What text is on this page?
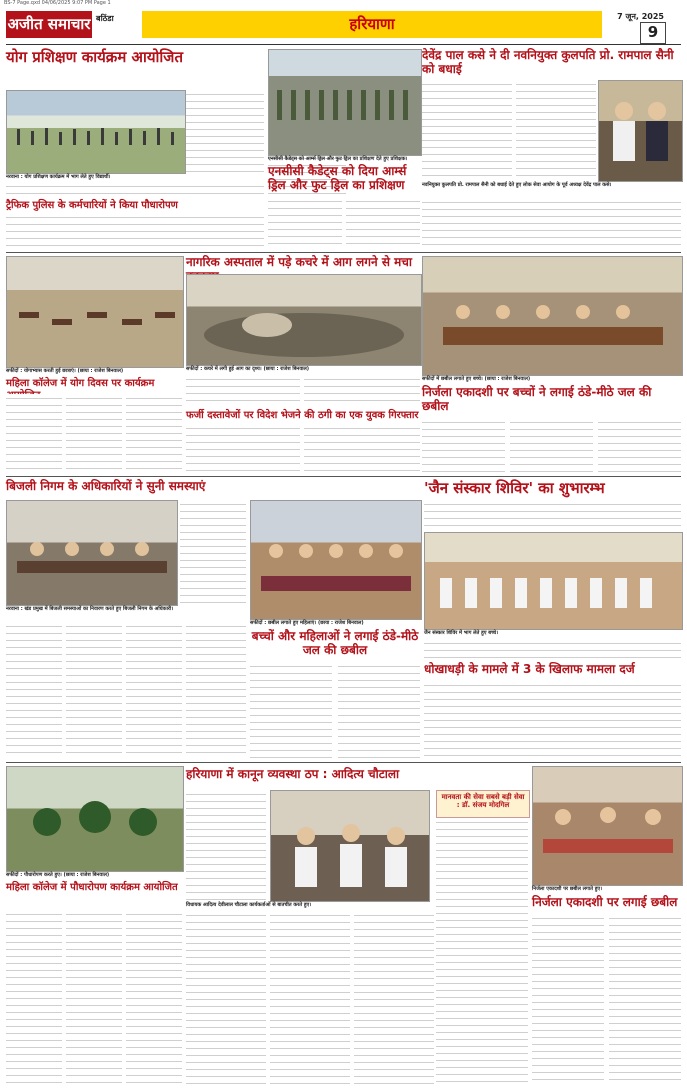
BS-7 Page.qxd 04/06/2025 9:07 PM Page 1
अजीत समाचार बठिंडा	हरियाणा	7 जून, 2025
9
योग प्रशिक्षण कार्यक्रम आयोजित
नरवाना : योग प्रशिक्षण कार्यक्रम में भाग लेते हुए विद्यार्थी।
ट्रैफिक पुलिस के कर्मचारियों ने किया पौधारोपण
देवेंद्र पाल कसे ने दी नवनियुक्त कुलपति प्रो. रामपाल सैनी को बधाई
नवनियुक्त कुलपति प्रो. रामपाल सैनी को बधाई देते हुए लोक सेवा आयोग के पूर्व अध्यक्ष देवेंद्र पाल कसे।
एनसीसी कैडेट्स को आर्म्स ड्रिल और फुट ड्रिल का प्रशिक्षण देते हुए प्रशिक्षक।
एनसीसी कैडेट्स को दिया आर्म्स ड्रिल और फुट ड्रिल का प्रशिक्षण
नागरिक अस्पताल में पड़े कचरे में आग लगने से मचा
सफीदों : कचरे में लगी हुई आग का दृश्य। (छाया : राजेश बिनवाल)
फर्जी दस्तावेजों पर विदेश भेजने की ठगी का एक युवक गिरफ्तार
सफीदों : योगाभ्यास करती हुई छात्राएं। (छाया : राजेश बिनवाल)
महिला कॉलेज में योग दिवस पर कार्यक्रम	सफीदों में छबील लगाते हुए बच्चे। (छाया : राजेश बिनवाल)
निर्जला एकादशी पर बच्चों ने लगाई ठंडे-मीठे जल की छबील
बिजली निगम के अधिकारियों ने सुनी समस्याएं
नरवाना : खंड प्रमुख में बिजली समस्याओं का निवारण करते हुए बिजली निगम के अधिकारी।
सफीदों : छबील लगाते हुए महिलाएं। (छाया : राजेश बिनवाल)
बच्चों और महिलाओं ने लगाई ठंडे-मीठे जल की छबील
'जैन संस्कार शिविर' का शुभारम्भ
जैन संस्कार शिविर में भाग लेते हुए बच्चे।
धोखाधड़ी के मामले में 3 के खिलाफ मामला दर्ज
सफीदों : पौधारोपण करते हुए। (छाया : राजेश बिनवाल)
महिला कॉलेज में पौधारोपण कार्यक्रम आयोजित
हरियाणा में कानून व्यवस्था ठप : आदित्य चौटाला
विधायक आदित्य देवीलाल चौटाला कार्यकर्ताओं से बातचीत करते हुए।
मानवता की सेवा सबसे बड़ी सेवा : डॉ. संजय मोदगिल
निर्जला एकादशी पर छबील लगाते हुए।
निर्जला एकादशी पर लगाई छबील
